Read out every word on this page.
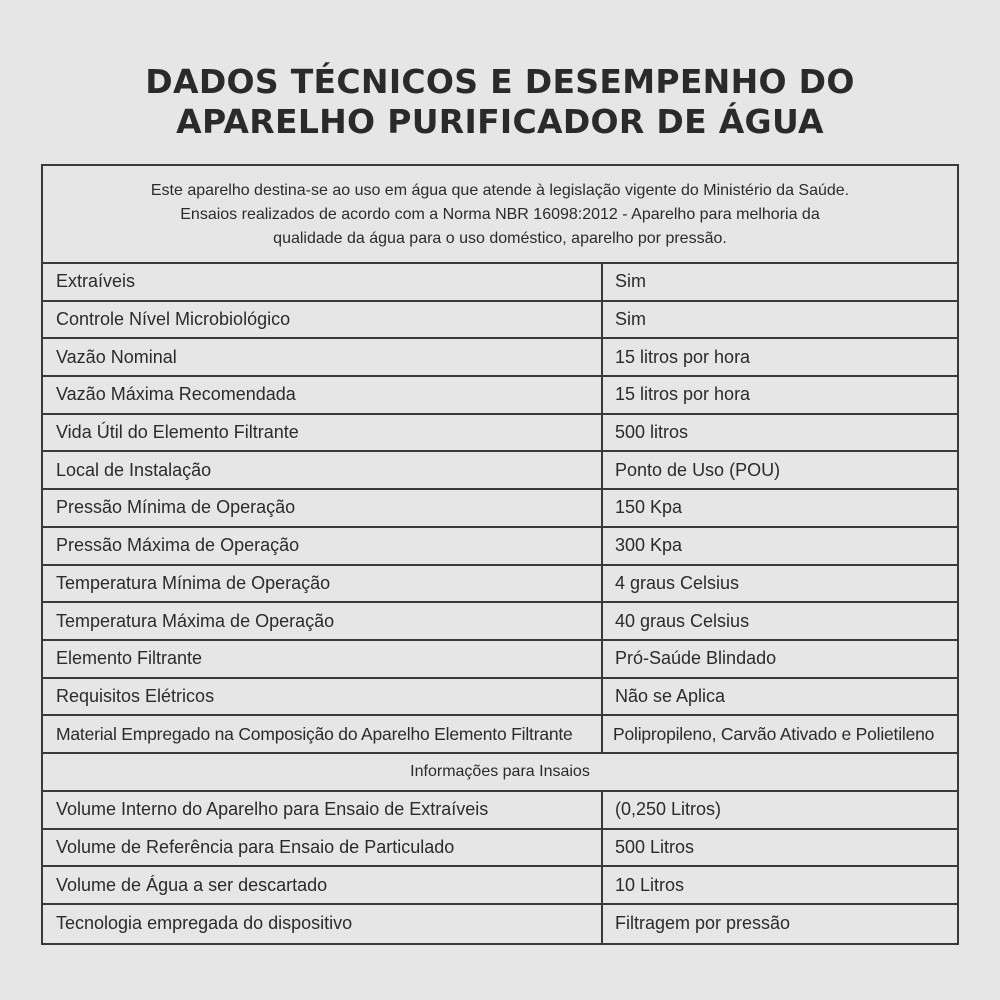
DADOS TÉCNICOS E DESEMPENHO DO
APARELHO PURIFICADOR DE ÁGUA
Este aparelho destina-se ao uso em água que atende à legislação vigente do Ministério da Saúde.
Ensaios realizados de acordo com a Norma NBR 16098:2012 - Aparelho para melhoria da
qualidade da água para o uso doméstico, aparelho por pressão.
Extraíveis	Sim
Controle Nível Microbiológico	Sim
Vazão Nominal	15 litros por hora
Vazão Máxima Recomendada	15 litros por hora
Vida Útil do Elemento Filtrante	500 litros
Local de Instalação	Ponto de Uso (POU)
Pressão Mínima de Operação	150 Kpa
Pressão Máxima de Operação	300 Kpa
Temperatura Mínima de Operação	4 graus Celsius
Temperatura Máxima de Operação	40 graus Celsius
Elemento Filtrante	Pró-Saúde Blindado
Requisitos Elétricos	Não se Aplica
Material Empregado na Composição do Aparelho Elemento Filtrante	Polipropileno, Carvão Ativado e Polietileno
Informações para Insaios
Volume Interno do Aparelho para Ensaio de Extraíveis	(0,250 Litros)
Volume de Referência para Ensaio de Particulado	500 Litros
Volume de Água a ser descartado	10 Litros
Tecnologia empregada do dispositivo	Filtragem por pressão
